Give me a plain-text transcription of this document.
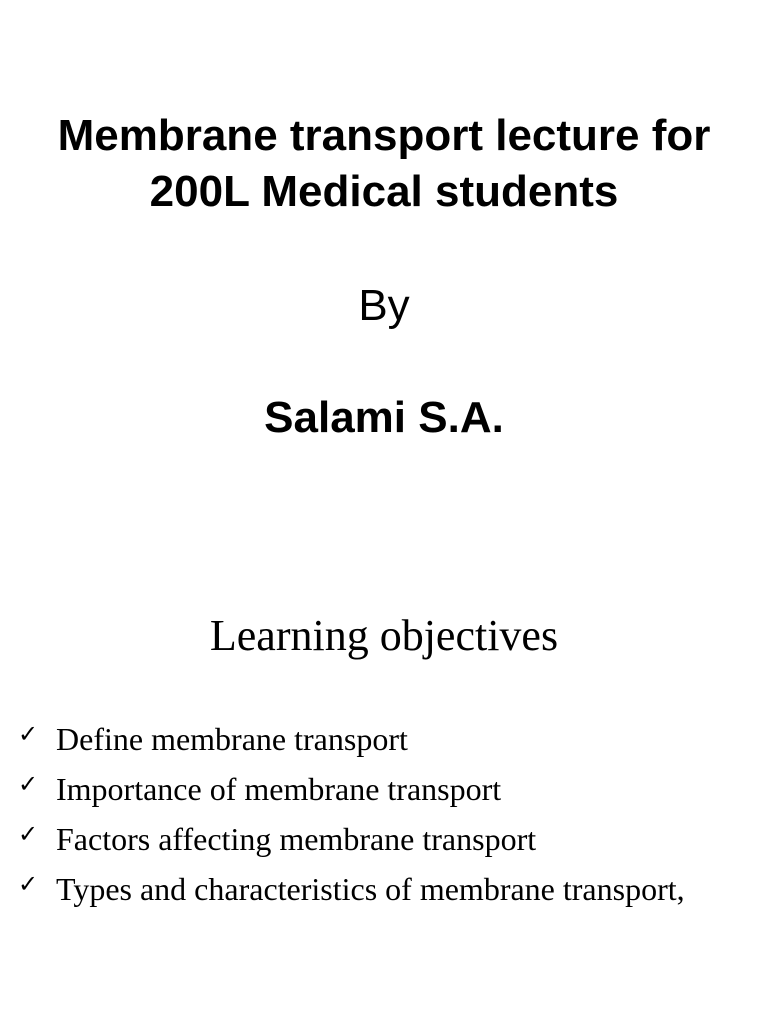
Membrane transport lecture for
200L Medical students
By
Salami S.A.
Learning objectives
✓ Define membrane transport
✓ Importance of membrane transport
✓ Factors affecting membrane transport
✓ Types and characteristics of membrane transport,
